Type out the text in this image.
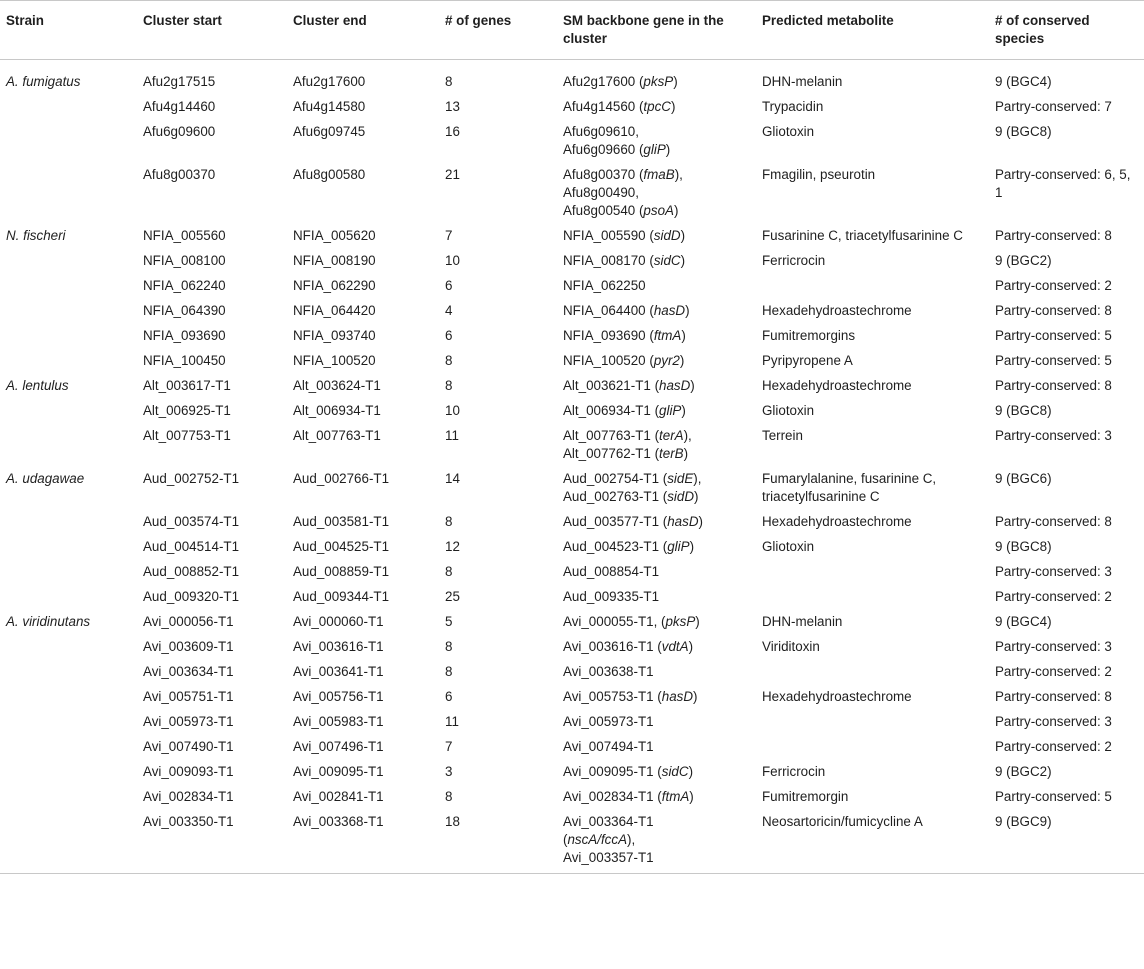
Strain	Cluster start	Cluster end	# of genes	SM backbone gene in the cluster	Predicted metabolite	# of conserved species
A. fumigatus	Afu2g17515	Afu2g17600	8	Afu2g17600 (pksP)	DHN-melanin	9 (BGC4)
	Afu4g14460	Afu4g14580	13	Afu4g14560 (tpcC)	Trypacidin	Partry-conserved: 7
	Afu6g09600	Afu6g09745	16	Afu6g09610,
Afu6g09660 (gliP)	Gliotoxin	9 (BGC8)
	Afu8g00370	Afu8g00580	21	Afu8g00370 (fmaB),
Afu8g00490,
Afu8g00540 (psoA)	Fmagilin, pseurotin	Partry-conserved: 6, 5, 1
N. fischeri	NFIA_005560	NFIA_005620	7	NFIA_005590 (sidD)	Fusarinine C, triacetylfusarinine C	Partry-conserved: 8
	NFIA_008100	NFIA_008190	10	NFIA_008170 (sidC)	Ferricrocin	9 (BGC2)
	NFIA_062240	NFIA_062290	6	NFIA_062250		Partry-conserved: 2
	NFIA_064390	NFIA_064420	4	NFIA_064400 (hasD)	Hexadehydroastechrome	Partry-conserved: 8
	NFIA_093690	NFIA_093740	6	NFIA_093690 (ftmA)	Fumitremorgins	Partry-conserved: 5
	NFIA_100450	NFIA_100520	8	NFIA_100520 (pyr2)	Pyripyropene A	Partry-conserved: 5
A. lentulus	Alt_003617-T1	Alt_003624-T1	8	Alt_003621-T1 (hasD)	Hexadehydroastechrome	Partry-conserved: 8
	Alt_006925-T1	Alt_006934-T1	10	Alt_006934-T1 (gliP)	Gliotoxin	9 (BGC8)
	Alt_007753-T1	Alt_007763-T1	11	Alt_007763-T1 (terA),
Alt_007762-T1 (terB)	Terrein	Partry-conserved: 3
A. udagawae	Aud_002752-T1	Aud_002766-T1	14	Aud_002754-T1 (sidE),
Aud_002763-T1 (sidD)	Fumarylalanine, fusarinine C, triacetylfusarinine C	9 (BGC6)
	Aud_003574-T1	Aud_003581-T1	8	Aud_003577-T1 (hasD)	Hexadehydroastechrome	Partry-conserved: 8
	Aud_004514-T1	Aud_004525-T1	12	Aud_004523-T1 (gliP)	Gliotoxin	9 (BGC8)
	Aud_008852-T1	Aud_008859-T1	8	Aud_008854-T1		Partry-conserved: 3
	Aud_009320-T1	Aud_009344-T1	25	Aud_009335-T1		Partry-conserved: 2
A. viridinutans	Avi_000056-T1	Avi_000060-T1	5	Avi_000055-T1, (pksP)	DHN-melanin	9 (BGC4)
	Avi_003609-T1	Avi_003616-T1	8	Avi_003616-T1 (vdtA)	Viriditoxin	Partry-conserved: 3
	Avi_003634-T1	Avi_003641-T1	8	Avi_003638-T1		Partry-conserved: 2
	Avi_005751-T1	Avi_005756-T1	6	Avi_005753-T1 (hasD)	Hexadehydroastechrome	Partry-conserved: 8
	Avi_005973-T1	Avi_005983-T1	11	Avi_005973-T1		Partry-conserved: 3
	Avi_007490-T1	Avi_007496-T1	7	Avi_007494-T1		Partry-conserved: 2
	Avi_009093-T1	Avi_009095-T1	3	Avi_009095-T1 (sidC)	Ferricrocin	9 (BGC2)
	Avi_002834-T1	Avi_002841-T1	8	Avi_002834-T1 (ftmA)	Fumitremorgin	Partry-conserved: 5
	Avi_003350-T1	Avi_003368-T1	18	Avi_003364-T1
(nscA/fccA),
Avi_003357-T1	Neosartoricin/fumicycline A	9 (BGC9)
